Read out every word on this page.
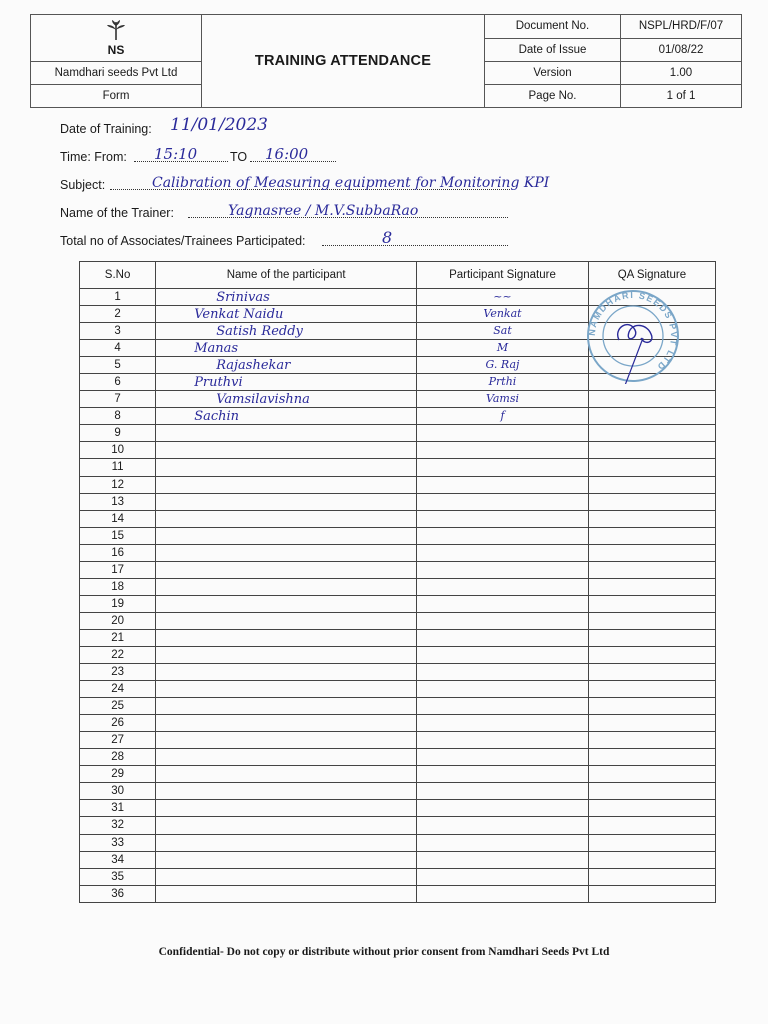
NS	TRAINING ATTENDANCE	Document No.	NSPL/HRD/F/07
		Date of Issue	01/08/22
Namdhari seeds Pvt Ltd		Version	1.00
Form		Page No.	1 of 1
Date of Training: 11/01/2023
Time: From: 15:10	TO 16:00
Subject:	Calibration of Measuring equipment for Monitoring KPI
Name of the Trainer:	Yagnasree / M.V.SubbaRao
Total no of Associates/Trainees Participated:	8
S.No	Name of the participant	Participant Signature	QA Signature
1	Srinivas	~~	
2	Venkat Naidu	Venkat	
3	Satish Reddy	Sat	
4	Manas	M	
5	Rajashekar	G. Raj	
6	Pruthvi	Prthi	
7	Vamsilavishna	Vamsi	
8	Sachin	f	
9			
10			
11			
12			
13			
14			
15			
16			
17			
18			
19			
20			
21			
22			
23			
24			
25			
26			
27			
28			
29			
30			
31			
32			
33			
34			
35			
36			
NAMDHARI SEEDS PVT LTD
Confidential- Do not copy or distribute without prior consent from Namdhari Seeds Pvt Ltd
